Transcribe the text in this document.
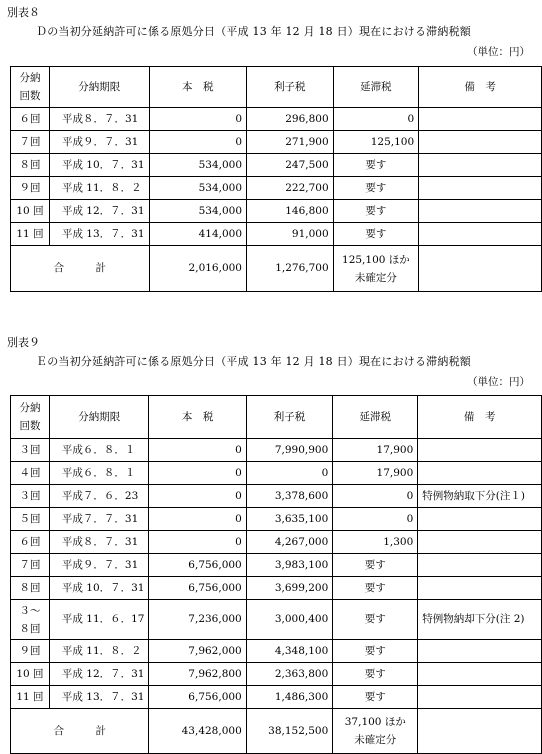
別表８
Ｄの当初分延納許可に係る原処分日（平成 13 年 12 月 18 日）現在における滞納税額
（単位：円）
分納
回数	分納期限	本　税	利子税	延滞税	備　考
６回	平成８．７．31	0	296,800	0	
７回	平成９．７．31	0	271,900	125,100	
８回	平成 10．７．31	534,000	247,500	要す	
９回	平成 11．８．２	534,000	222,700	要す	
10 回	平成 12．７．31	534,000	146,800	要す	
11 回	平成 13．７．31	414,000	91,000	要す	
合　　　計		2,016,000	1,276,700	125,100 ほか
未確定分	
別表９
Ｅの当初分延納許可に係る原処分日（平成 13 年 12 月 18 日）現在における滞納税額
（単位：円）
分納
回数	分納期限	本　税	利子税	延滞税	備　考
３回	平成６．８．１	0	7,990,900	17,900	
４回	平成６．８．１	0	0	17,900	
３回	平成７．６．23	0	3,378,600	0	特例物納取下分(注１)
５回	平成７．７．31	0	3,635,100	0	
６回	平成８．７．31	0	4,267,000	1,300	
７回	平成９．７．31	6,756,000	3,983,100	要す	
８回	平成 10．７．31	6,756,000	3,699,200	要す	
３～
８回	平成 11．６．17	7,236,000	3,000,400	要す	特例物納却下分(注 2)
９回	平成 11．８．２	7,962,000	4,348,100	要す	
10 回	平成 12．７．31	7,962,800	2,363,800	要す	
11 回	平成 13．７．31	6,756,000	1,486,300	要す	
合　　　計		43,428,000	38,152,500	37,100 ほか
未確定分	
